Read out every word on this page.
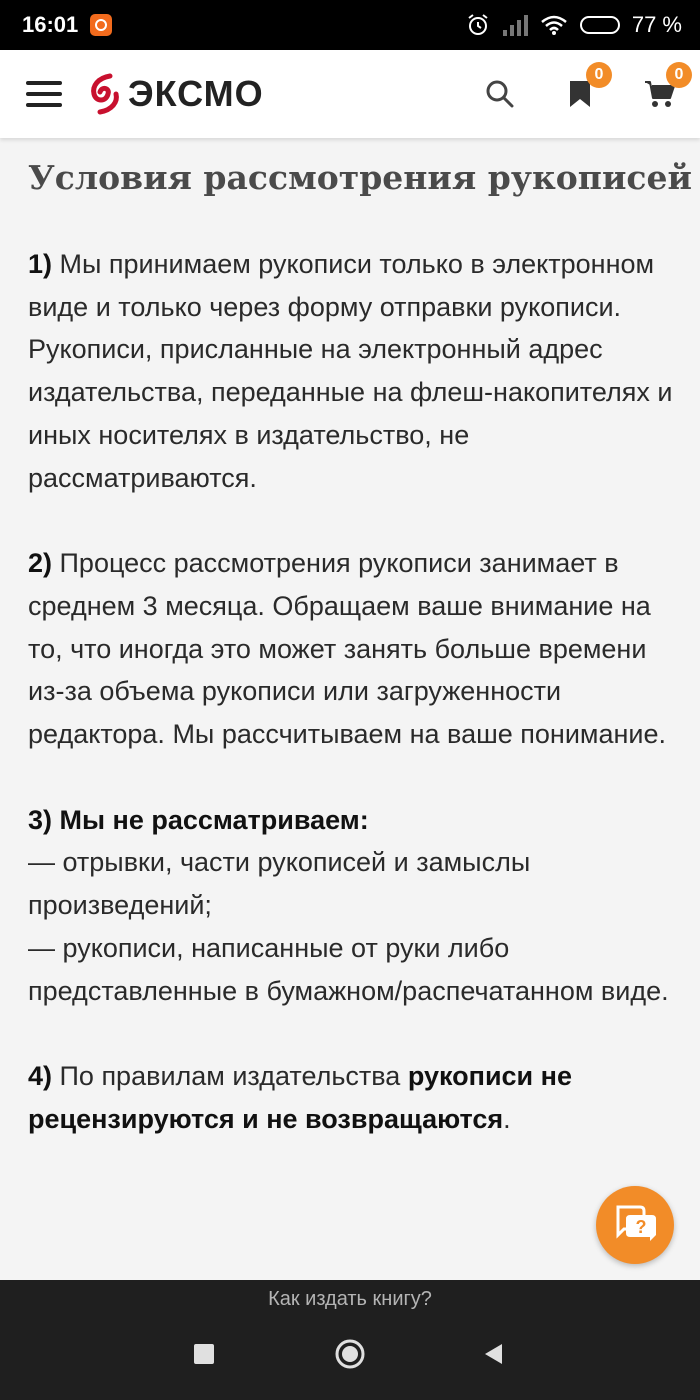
16:01	77 %
ЭКСМО	0	0
Условия рассмотрения рукописей

1) Мы принимаем рукописи только в электронном виде и только через форму отправки рукописи. Рукописи, присланные на электронный адрес издательства, переданные на флеш-накопителях и иных носителях в издательство, не рассматриваются.

2) Процесс рассмотрения рукописи занимает в среднем 3 месяца. Обращаем ваше внимание на то, что иногда это может занять больше времени из-за объема рукописи или загруженности редактора. Мы рассчитываем на ваше понимание.

3) Мы не рассматриваем:
— отрывки, части рукописей и замыслы произведений;
— рукописи, написанные от руки либо представленные в бумажном/распечатанном виде.

4) По правилам издательства рукописи не рецензируются и не возвращаются.

?
Как издать книгу?
